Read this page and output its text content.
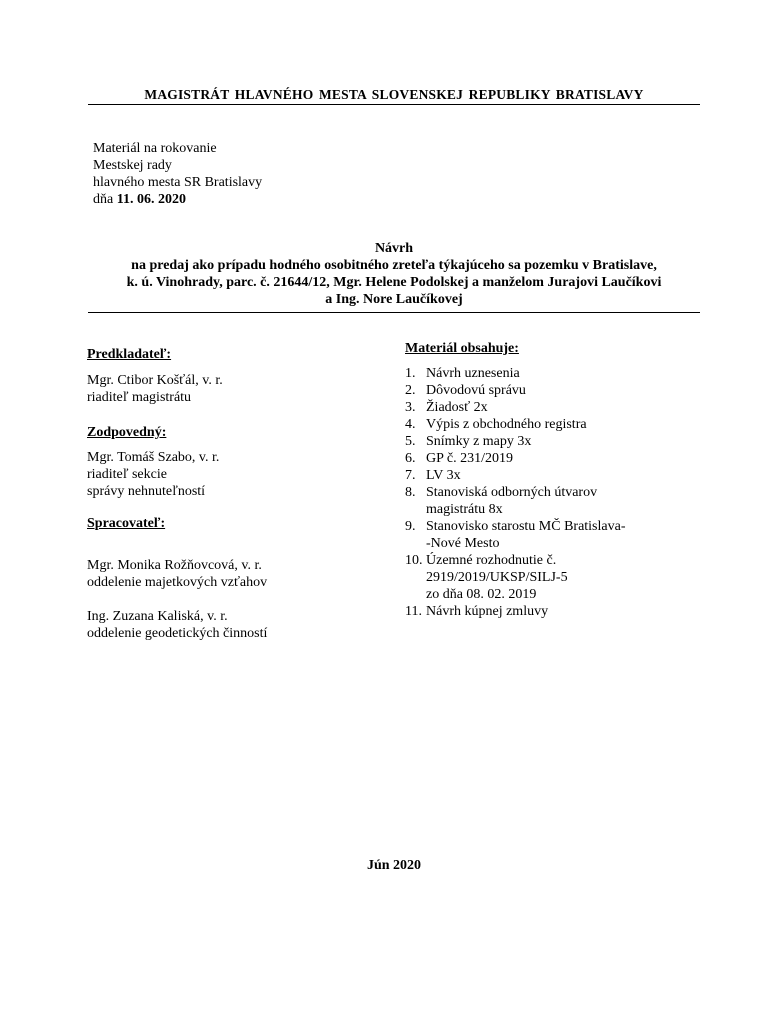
MAGISTRÁT HLAVNÉHO MESTA SLOVENSKEJ REPUBLIKY BRATISLAVY
Materiál na rokovanie
Mestskej rady
hlavného mesta SR Bratislavy
dňa 11. 06. 2020
Návrh
na predaj ako prípadu hodného osobitného zreteľa týkajúceho sa pozemku v Bratislave,
k. ú. Vinohrady, parc. č. 21644/12, Mgr. Helene Podolskej a manželom Jurajovi Laučíkovi
a Ing. Nore Laučíkovej
Predkladateľ:
Mgr. Ctibor Košťál, v. r.
riaditeľ magistrátu
Zodpovedný:
Mgr. Tomáš Szabo, v. r.
riaditeľ sekcie
správy nehnuteľností
Spracovateľ:
Mgr. Monika Rožňovcová, v. r.
oddelenie majetkových vzťahov
Ing. Zuzana Kaliská, v. r.
oddelenie geodetických činností
Materiál obsahuje:
1. Návrh uznesenia
2. Dôvodovú správu
3. Žiadosť 2x
4. Výpis z obchodného registra
5. Snímky z mapy 3x
6. GP č. 231/2019
7. LV 3x
8. Stanoviská odborných útvarov
magistrátu 8x
9. Stanovisko starostu MČ Bratislava-
-Nové Mesto
10. Územné rozhodnutie č.
2919/2019/UKSP/SILJ-5
zo dňa 08. 02. 2019
11. Návrh kúpnej zmluvy
Jún 2020
